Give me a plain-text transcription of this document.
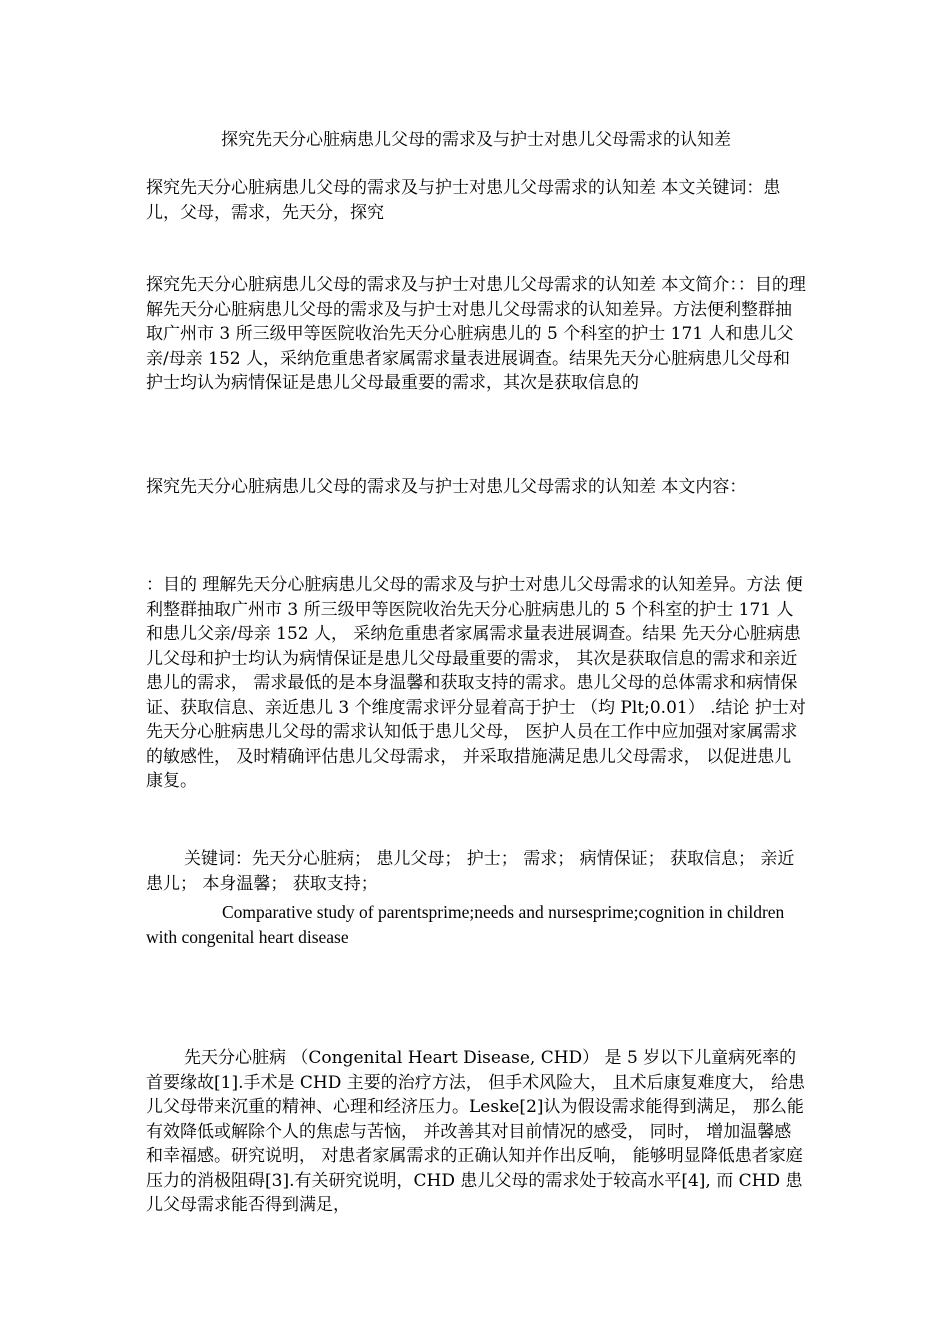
探究先天分心脏病患儿父母的需求及与护士对患儿父母需求的认知差
探究先天分心脏病患儿父母的需求及与护士对患儿父母需求的认知差 本文关键词：患儿，父母，需求，先天分，探究
探究先天分心脏病患儿父母的需求及与护士对患儿父母需求的认知差 本文简介：：目的理解先天分心脏病患儿父母的需求及与护士对患儿父母需求的认知差异。方法便利整群抽取广州市 3 所三级甲等医院收治先天分心脏病患儿的 5 个科室的护士 171 人和患儿父亲/母亲 152 人，采纳危重患者家属需求量表进展调查。结果先天分心脏病患儿父母和护士均认为病情保证是患儿父母最重要的需求，其次是获取信息的
探究先天分心脏病患儿父母的需求及与护士对患儿父母需求的认知差 本文内容：
：目的 理解先天分心脏病患儿父母的需求及与护士对患儿父母需求的认知差异。方法 便利整群抽取广州市 3 所三级甲等医院收治先天分心脏病患儿的 5 个科室的护士 171 人和患儿父亲/母亲 152 人， 采纳危重患者家属需求量表进展调查。结果 先天分心脏病患儿父母和护士均认为病情保证是患儿父母最重要的需求， 其次是获取信息的需求和亲近患儿的需求， 需求最低的是本身温馨和获取支持的需求。患儿父母的总体需求和病情保证、获取信息、亲近患儿 3 个维度需求评分显着高于护士 （均 Plt;0.01） .结论 护士对先天分心脏病患儿父母的需求认知低于患儿父母， 医护人员在工作中应加强对家属需求的敏感性， 及时精确评估患儿父母需求， 并采取措施满足患儿父母需求， 以促进患儿康复。
关键词：先天分心脏病； 患儿父母； 护士； 需求； 病情保证； 获取信息； 亲近患儿； 本身温馨； 获取支持；
Comparative study of parentsprime;needs and nursesprime;cognition in children with congenital heart disease
先天分心脏病 （Congenital Heart Disease, CHD） 是 5 岁以下儿童病死率的首要缘故[1].手术是 CHD 主要的治疗方法， 但手术风险大， 且术后康复难度大， 给患儿父母带来沉重的精神、心理和经济压力。Leske[2]认为假设需求能得到满足， 那么能有效降低或解除个人的焦虑与苦恼， 并改善其对目前情况的感受， 同时， 增加温馨感和幸福感。研究说明， 对患者家属需求的正确认知并作出反响， 能够明显降低患者家庭压力的消极阻碍[3].有关研究说明，CHD 患儿父母的需求处于较高水平[4], 而 CHD 患儿父母需求能否得到满足，
